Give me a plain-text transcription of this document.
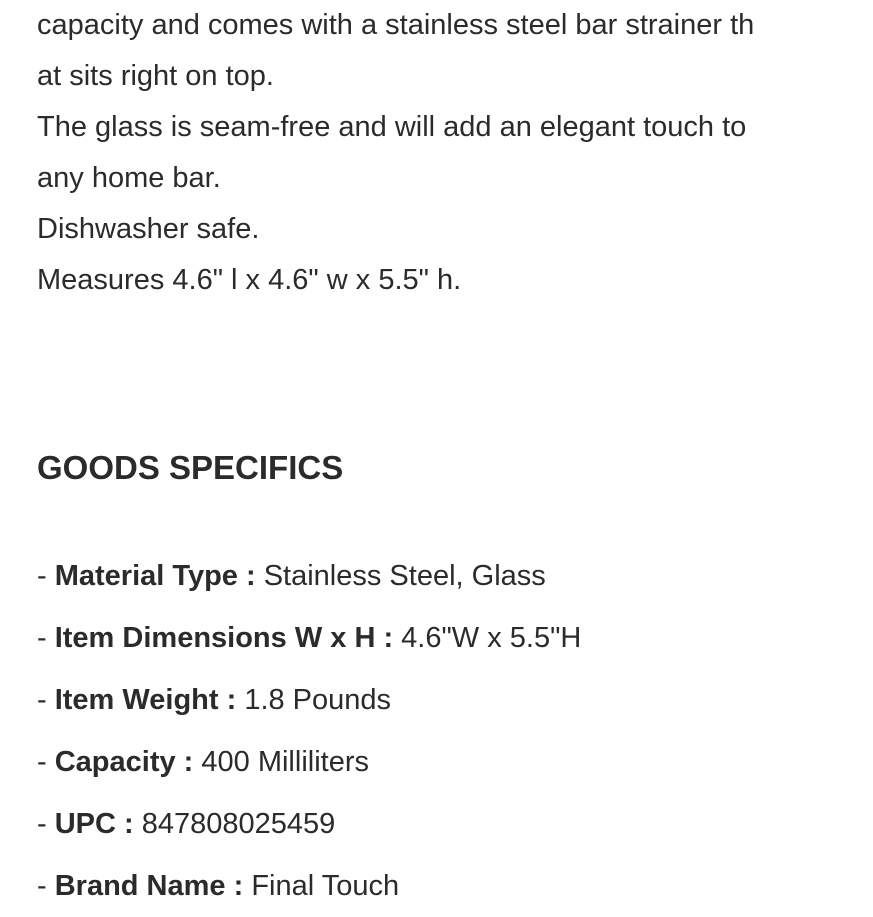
capacity and comes with a stainless steel bar strainer th
at sits right on top.
The glass is seam-free and will add an elegant touch to
any home bar.
Dishwasher safe.
Measures 4.6" l x 4.6" w x 5.5" h.
GOODS SPECIFICS
- Material Type : Stainless Steel, Glass
- Item Dimensions W x H : 4.6"W x 5.5"H
- Item Weight : 1.8 Pounds
- Capacity : 400 Milliliters
- UPC : 847808025459
- Brand Name : Final Touch
